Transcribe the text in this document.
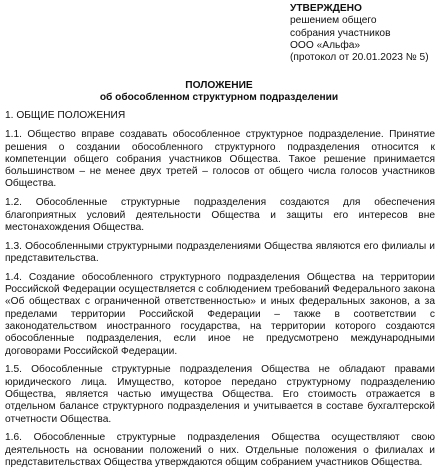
УТВЕРЖДЕНО
решением общего
собрания участников
ООО «Альфа»
(протокол от 20.01.2023 № 5)
ПОЛОЖЕНИЕ
об обособленном структурном подразделении
1. ОБЩИЕ ПОЛОЖЕНИЯ
1.1. Общество вправе создавать обособленное структурное подразделение. Принятие решения о создании обособленного структурного подразделения относится к компетенции общего собрания участников Общества. Такое решение принимается большинством – не менее двух третей – голосов от общего числа голосов участников Общества.
1.2. Обособленные структурные подразделения создаются для обеспечения благоприятных условий деятельности Общества и защиты его интересов вне местонахождения Общества.
1.3. Обособленными структурными подразделениями Общества являются его филиалы и представительства.
1.4. Создание обособленного структурного подразделения Общества на территории Российской Федерации осуществляется с соблюдением требований Федерального закона «Об обществах с ограниченной ответственностью» и иных федеральных законов, а за пределами территории Российской Федерации – также в соответствии с законодательством иностранного государства, на территории которого создаются обособленные подразделения, если иное не предусмотрено международными договорами Российской Федерации.
1.5. Обособленные структурные подразделения Общества не обладают правами юридического лица. Имущество, которое передано структурному подразделению Общества, является частью имущества Общества. Его стоимость отражается в отдельном балансе структурного подразделения и учитывается в составе бухгалтерской отчетности Общества.
1.6. Обособленные структурные подразделения Общества осуществляют свою деятельность на основании положений о них. Отдельные положения о филиалах и представительствах Общества утверждаются общим собранием участников Общества.
